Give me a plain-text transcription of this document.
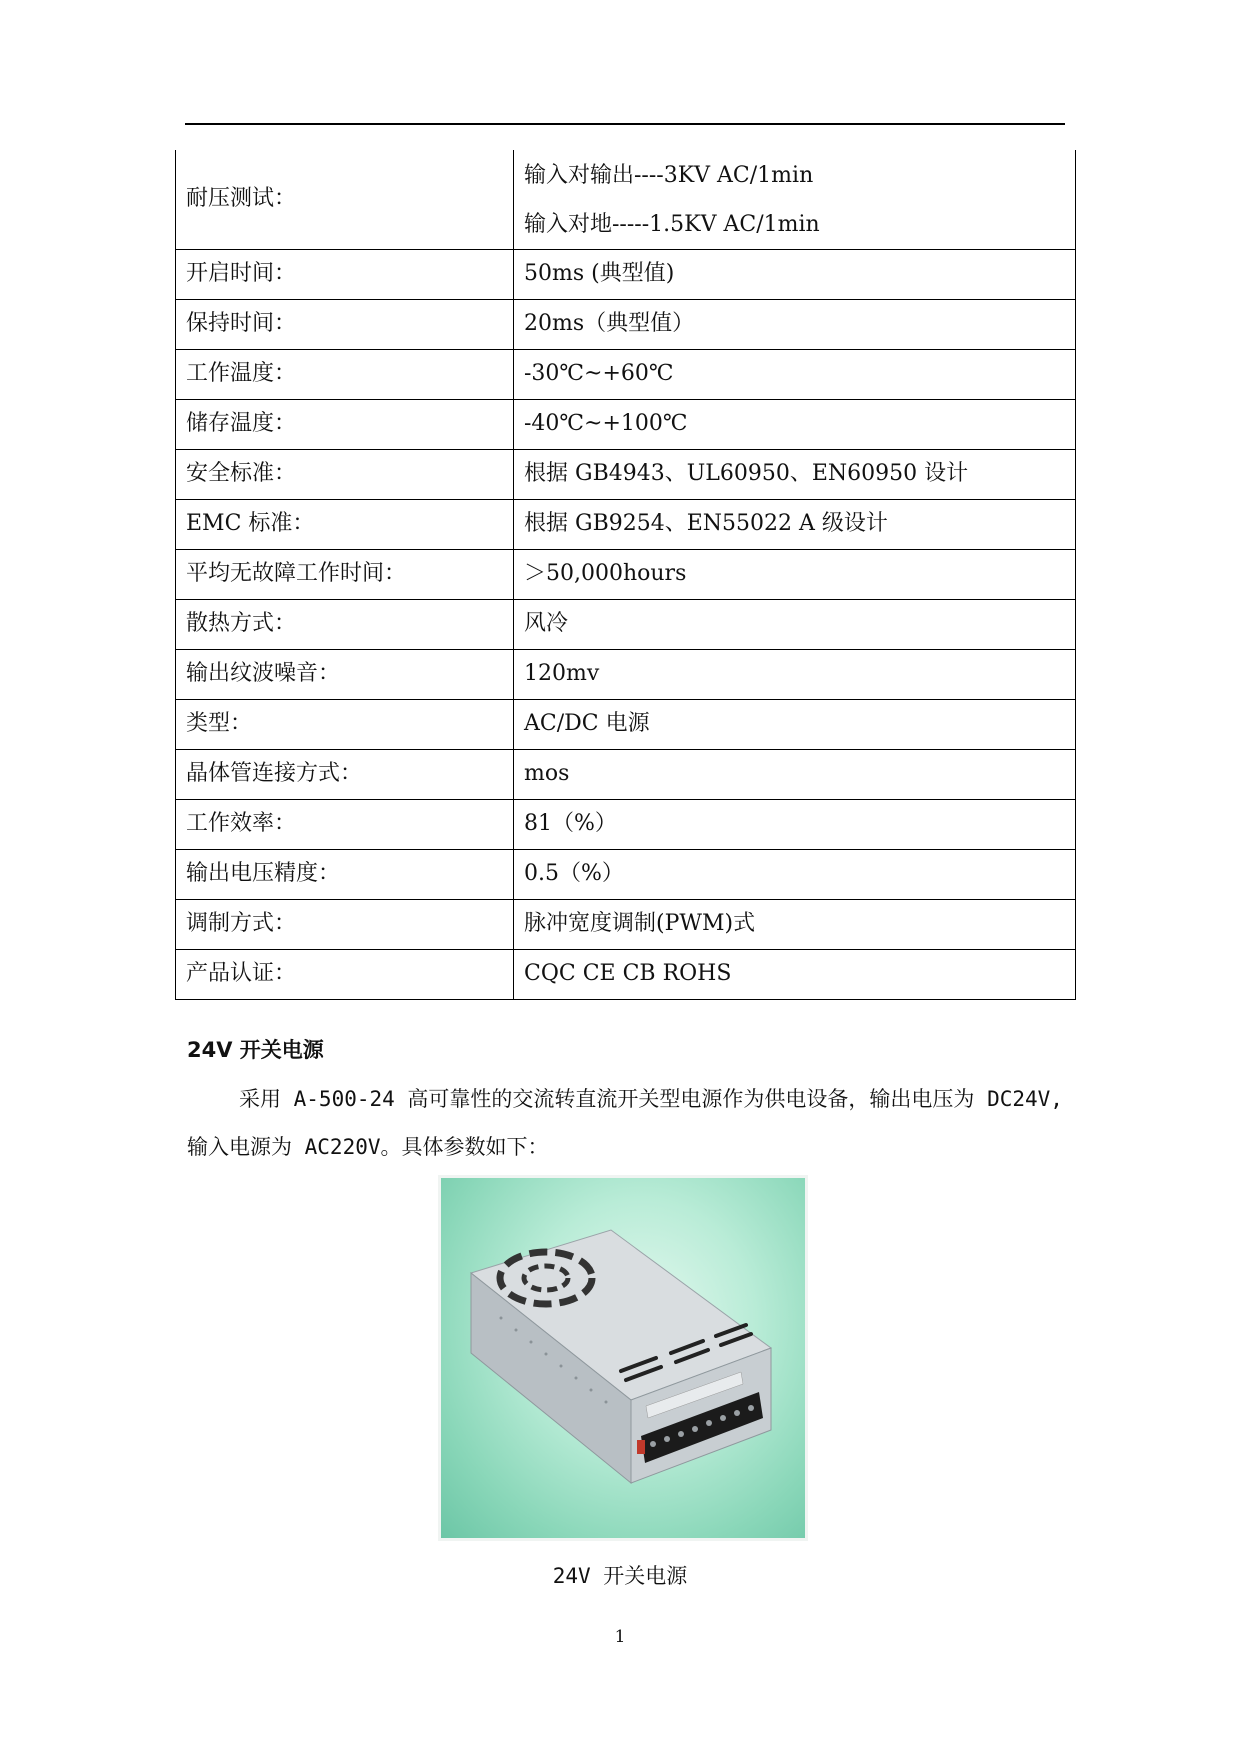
耐压测试：	输入对输出----3KV AC/1min
输入对地-----1.5KV AC/1min

开启时间：	50ms (典型值)
保持时间：	20ms（典型值）
工作温度：	-30℃~+60℃
储存温度：	-40℃~+100℃
安全标准：	根据 GB4943、UL60950、EN60950 设计
EMC 标准：	根据 GB9254、EN55022 A 级设计
平均无故障工作时间：	＞50,000hours
散热方式：	风冷
输出纹波噪音：	120mv
类型：	AC/DC 电源
晶体管连接方式：	mos
工作效率：	81（%）
输出电压精度：	0.5（%）
调制方式：	脉冲宽度调制(PWM)式
产品认证：	CQC CE CB ROHS
24V 开关电源

采用 A-500-24 高可靠性的交流转直流开关型电源作为供电设备，输出电压为 DC24V,输入电源为 AC220V。具体参数如下：

24V 开关电源
1
